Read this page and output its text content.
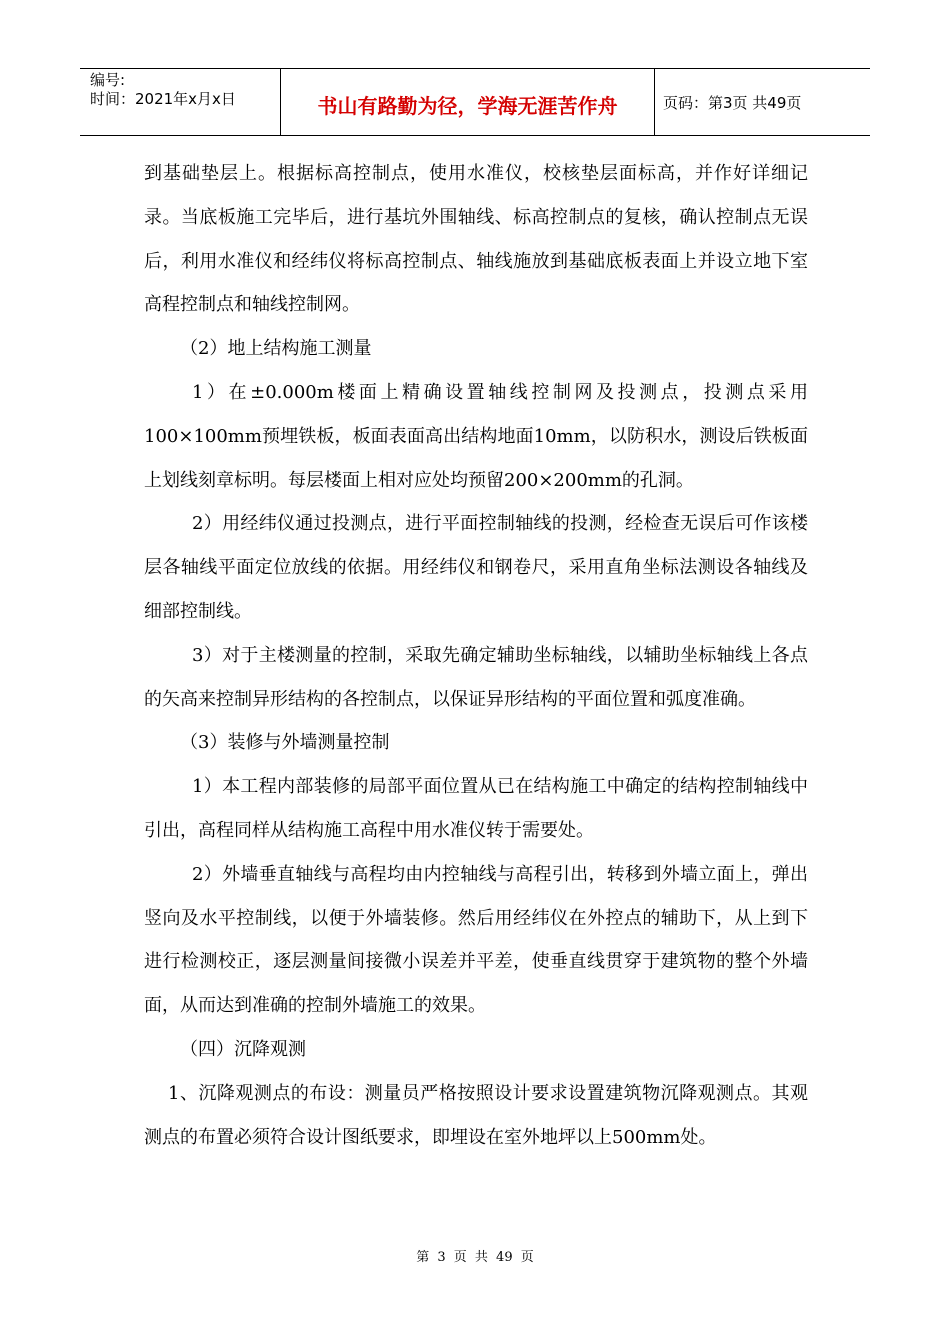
编号:
时间：2021年x月x日	书山有路勤为径，学海无涯苦作舟	页码：第3页 共49页

到基础垫层上。根据标高控制点，使用水准仪，校核垫层面标高，并作好详细记录。当底板施工完毕后，进行基坑外围轴线、标高控制点的复核，确认控制点无误后，利用水准仪和经纬仪将标高控制点、轴线施放到基础底板表面上并设立地下室高程控制点和轴线控制网。

（2）地上结构施工测量

1）在±0.000m楼面上精确设置轴线控制网及投测点，投测点采用100×100mm预埋铁板，板面表面高出结构地面10mm，以防积水，测设后铁板面上划线刻章标明。每层楼面上相对应处均预留200×200mm的孔洞。

2）用经纬仪通过投测点，进行平面控制轴线的投测，经检查无误后可作该楼层各轴线平面定位放线的依据。用经纬仪和钢卷尺，采用直角坐标法测设各轴线及细部控制线。

3）对于主楼测量的控制，采取先确定辅助坐标轴线，以辅助坐标轴线上各点的矢高来控制异形结构的各控制点，以保证异形结构的平面位置和弧度准确。

（3）装修与外墙测量控制

1）本工程内部装修的局部平面位置从已在结构施工中确定的结构控制轴线中引出，高程同样从结构施工高程中用水准仪转于需要处。

2）外墙垂直轴线与高程均由内控轴线与高程引出，转移到外墙立面上，弹出竖向及水平控制线，以便于外墙装修。然后用经纬仪在外控点的辅助下，从上到下进行检测校正，逐层测量间接微小误差并平差，使垂直线贯穿于建筑物的整个外墙面，从而达到准确的控制外墙施工的效果。

（四）沉降观测

1、沉降观测点的布设：测量员严格按照设计要求设置建筑物沉降观测点。其观测点的布置必须符合设计图纸要求，即埋设在室外地坪以上500mm处。

第 3 页 共 49 页
